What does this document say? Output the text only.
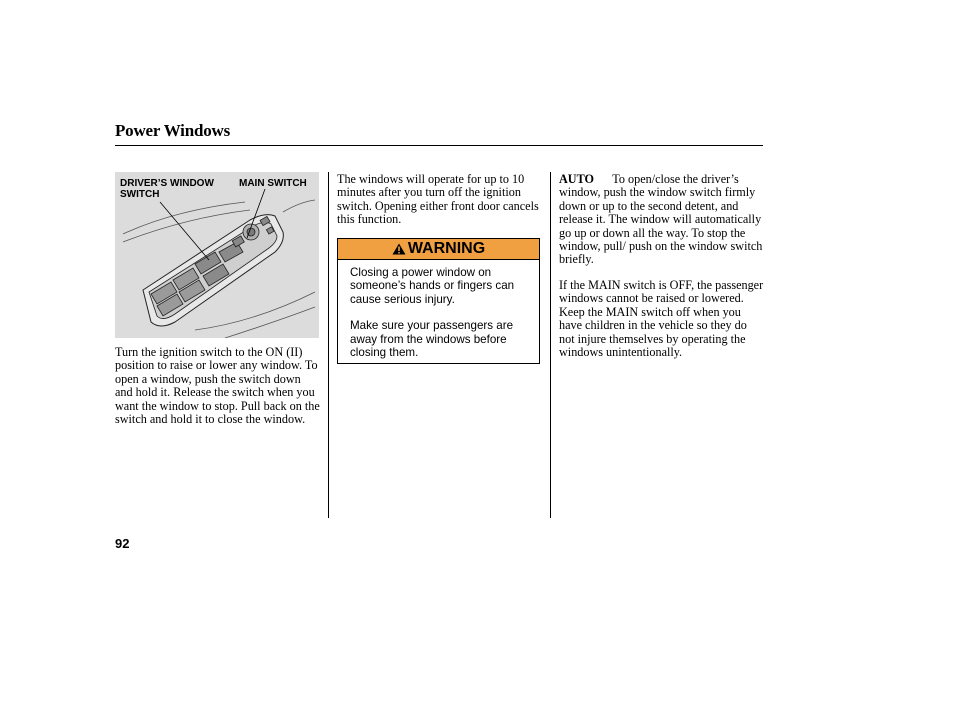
Power Windows
DRIVER’S WINDOW
SWITCH
MAIN SWITCH
Turn the ignition switch to the ON (II) position to raise or lower any window. To open a window, push the switch down and hold it. Release the switch when you want the window to stop. Pull back on the switch and hold it to close the window.
The windows will operate for up to 10 minutes after you turn off the ignition switch. Opening either front door cancels this function.
WARNING

Closing a power window on someone’s hands or fingers can cause serious injury.

Make sure your passengers are away from the windows before closing them.

AUTO To open/close the driver’s window, push the window switch firmly down or up to the second detent, and release it. The window will automatically go up or down all the way. To stop the window, pull/ push on the window switch briefly.
If the MAIN switch is OFF, the passenger windows cannot be raised or lowered. Keep the MAIN switch off when you have children in the vehicle so they do not injure themselves by operating the windows unintentionally.
92
